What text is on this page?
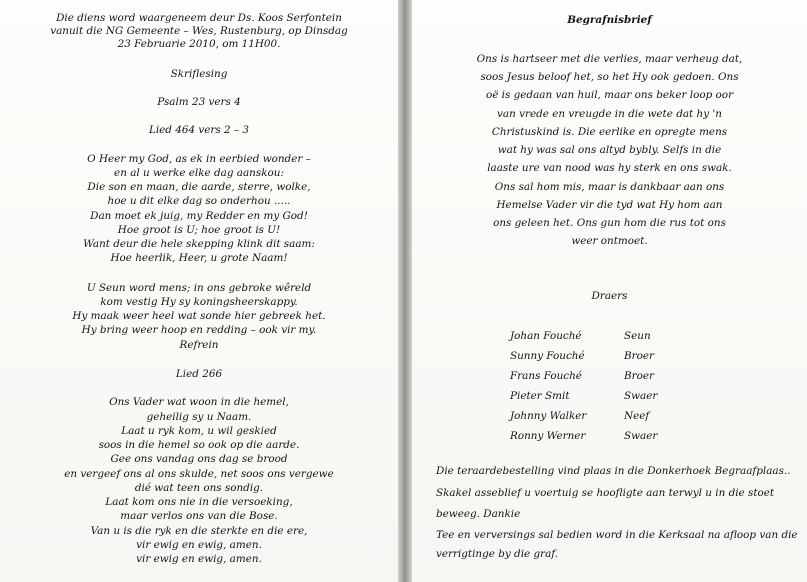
Die diens word waargeneem deur Ds. Koos Serfontein
vanuit die NG Gemeente – Wes, Rustenburg, op Dinsdag
23 Februarie 2010, om 11H00.
Skriflesing
Psalm 23 vers 4
Lied 464 vers 2 – 3
O Heer my God, as ek in eerbied wonder –
en al u werke elke dag aanskou:
Die son en maan, die aarde, sterre, wolke,
hoe u dit elke dag so onderhou .....
Dan moet ek juig, my Redder en my God!
Hoe groot is U; hoe groot is U!
Want deur die hele skepping klink dit saam:
Hoe heerlik, Heer, u grote Naam!
U Seun word mens; in ons gebroke wêreld
kom vestig Hy sy koningsheerskappy.
Hy maak weer heel wat sonde hier gebreek het.
Hy bring weer hoop en redding – ook vir my.
Refrein
Lied 266
Ons Vader wat woon in die hemel,
geheilig sy u Naam.
Laat u ryk kom, u wil geskied
soos in die hemel so ook op die aarde.
Gee ons vandag ons dag se brood
en vergeef ons al ons skulde, net soos ons vergewe
dié wat teen ons sondig.
Laat kom ons nie in die versoeking,
maar verlos ons van die Bose.
Van u is die ryk en die sterkte en die ere,
vir ewig en ewig, amen.
vir ewig en ewig, amen.
Begrafnisbrief
Ons is hartseer met die verlies, maar verheug dat,
soos Jesus beloof het, so het Hy ook gedoen. Ons
oë is gedaan van huil, maar ons beker loop oor
van vrede en vreugde in die wete dat hy 'n
Christuskind is. Die eerlike en opregte mens
wat hy was sal ons altyd bybly. Selfs in die
laaste ure van nood was hy sterk en ons swak.
Ons sal hom mis, maar is dankbaar aan ons
Hemelse Vader vir die tyd wat Hy hom aan
ons geleen het. Ons gun hom die rus tot ons
weer ontmoet.
Draers
Die teraardebestelling vind plaas in die Donkerhoek Begraafplaas..
Skakel asseblief u voertuig se hoofligte aan terwyl u in die stoet
beweeg. Dankie
Tee en verversings sal bedien word in die Kerksaal na afloop van die
verrigtinge by die graf.
Johan Fouché	Seun
Sunny Fouché	Broer
Frans Fouché	Broer
Pieter Smit	Swaer
Johnny Walker	Neef
Ronny Werner	Swaer
